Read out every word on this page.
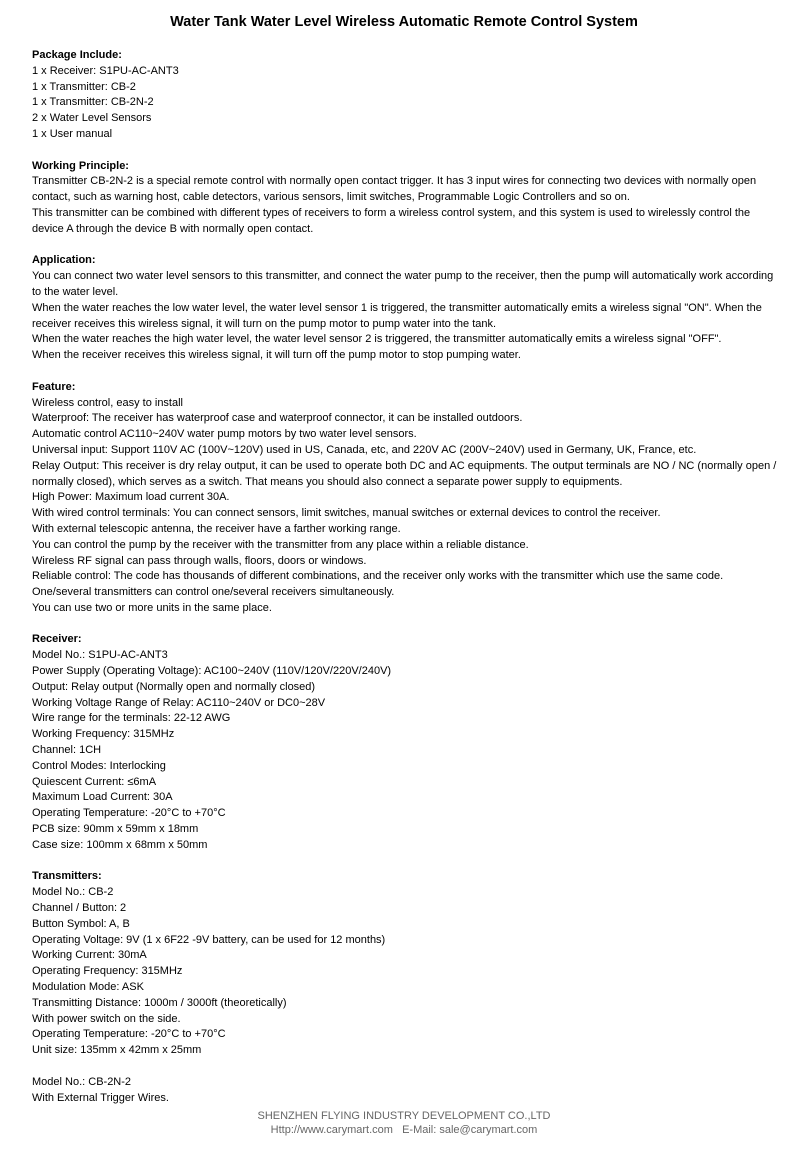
Water Tank Water Level Wireless Automatic Remote Control System
Package Include:
1 x Receiver: S1PU-AC-ANT3
1 x Transmitter: CB-2
1 x Transmitter: CB-2N-2
2 x Water Level Sensors
1 x User manual
Working Principle:
Transmitter CB-2N-2 is a special remote control with normally open contact trigger. It has 3 input wires for connecting two devices with normally open contact, such as warning host, cable detectors, various sensors, limit switches, Programmable Logic Controllers and so on.
This transmitter can be combined with different types of receivers to form a wireless control system, and this system is used to wirelessly control the device A through the device B with normally open contact.
Application:
You can connect two water level sensors to this transmitter, and connect the water pump to the receiver, then the pump will automatically work according to the water level.
When the water reaches the low water level, the water level sensor 1 is triggered, the transmitter automatically emits a wireless signal "ON". When the receiver receives this wireless signal, it will turn on the pump motor to pump water into the tank.
When the water reaches the high water level, the water level sensor 2 is triggered, the transmitter automatically emits a wireless signal "OFF".
When the receiver receives this wireless signal, it will turn off the pump motor to stop pumping water.
Feature:
Wireless control, easy to install
Waterproof: The receiver has waterproof case and waterproof connector, it can be installed outdoors.
Automatic control AC110~240V water pump motors by two water level sensors.
Universal input: Support 110V AC (100V~120V) used in US, Canada, etc, and 220V AC (200V~240V) used in Germany, UK, France, etc.
Relay Output: This receiver is dry relay output, it can be used to operate both DC and AC equipments. The output terminals are NO / NC (normally open / normally closed), which serves as a switch. That means you should also connect a separate power supply to equipments.
High Power: Maximum load current 30A.
With wired control terminals: You can connect sensors, limit switches, manual switches or external devices to control the receiver.
With external telescopic antenna, the receiver have a farther working range.
You can control the pump by the receiver with the transmitter from any place within a reliable distance.
Wireless RF signal can pass through walls, floors, doors or windows.
Reliable control: The code has thousands of different combinations, and the receiver only works with the transmitter which use the same code.
One/several transmitters can control one/several receivers simultaneously.
You can use two or more units in the same place.
Receiver:
Model No.: S1PU-AC-ANT3
Power Supply (Operating Voltage): AC100~240V (110V/120V/220V/240V)
Output: Relay output (Normally open and normally closed)
Working Voltage Range of Relay: AC110~240V or DC0~28V
Wire range for the terminals: 22-12 AWG
Working Frequency: 315MHz
Channel: 1CH
Control Modes: Interlocking
Quiescent Current: ≤6mA
Maximum Load Current: 30A
Operating Temperature: -20°C to +70°C
PCB size: 90mm x 59mm x 18mm
Case size: 100mm x 68mm x 50mm
Transmitters:
Model No.: CB-2
Channel / Button: 2
Button Symbol: A, B
Operating Voltage: 9V (1 x 6F22 -9V battery, can be used for 12 months)
Working Current: 30mA
Operating Frequency: 315MHz
Modulation Mode: ASK
Transmitting Distance: 1000m / 3000ft (theoretically)
With power switch on the side.
Operating Temperature: -20°C to +70°C
Unit size: 135mm x 42mm x 25mm
Model No.: CB-2N-2
With External Trigger Wires.
SHENZHEN FLYING INDUSTRY DEVELOPMENT CO.,LTD
Http://www.carymart.com   E-Mail: sale@carymart.com
